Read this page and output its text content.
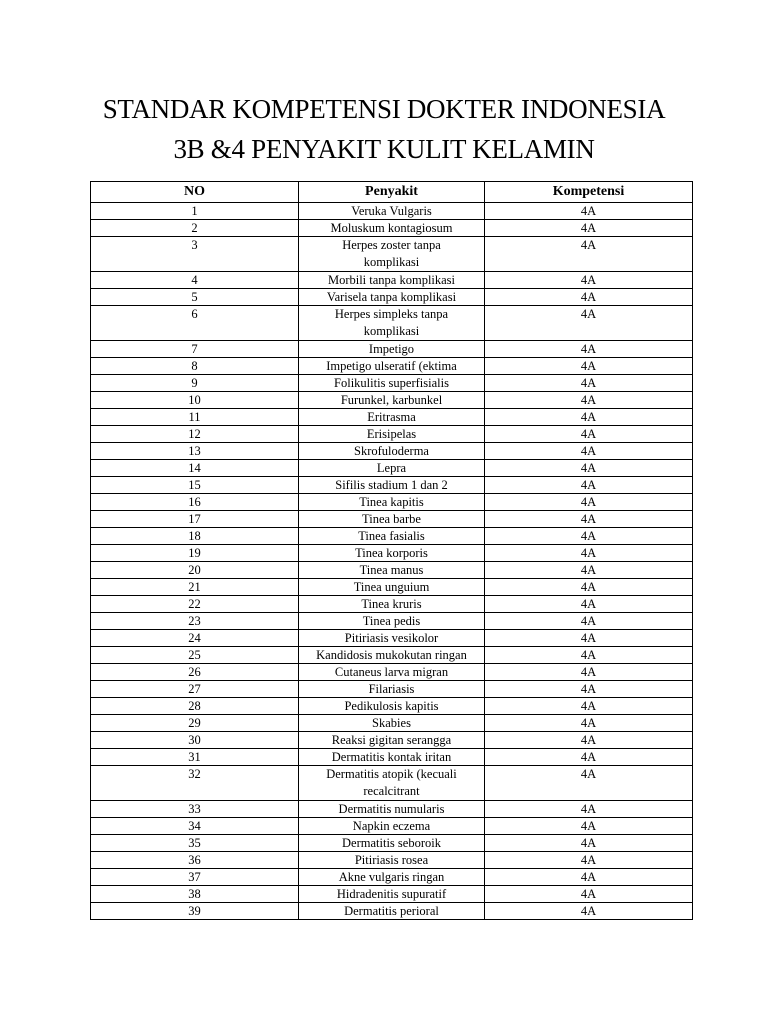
STANDAR KOMPETENSI DOKTER INDONESIA
3B &4 PENYAKIT KULIT KELAMIN
NO	Penyakit	Kompetensi
1	Veruka Vulgaris	4A
2	Moluskum kontagiosum	4A
3	Herpes zoster tanpa komplikasi	4A
4	Morbili tanpa komplikasi	4A
5	Varisela tanpa komplikasi	4A
6	Herpes simpleks tanpa komplikasi	4A
7	Impetigo	4A
8	Impetigo ulseratif (ektima	4A
9	Folikulitis superfisialis	4A
10	Furunkel, karbunkel	4A
11	Eritrasma	4A
12	Erisipelas	4A
13	Skrofuloderma	4A
14	Lepra	4A
15	Sifilis stadium 1 dan 2	4A
16	Tinea kapitis	4A
17	Tinea barbe	4A
18	Tinea fasialis	4A
19	Tinea korporis	4A
20	Tinea manus	4A
21	Tinea unguium	4A
22	Tinea kruris	4A
23	Tinea pedis	4A
24	Pitiriasis vesikolor	4A
25	Kandidosis mukokutan ringan	4A
26	Cutaneus larva migran	4A
27	Filariasis	4A
28	Pedikulosis kapitis	4A
29	Skabies	4A
30	Reaksi gigitan serangga	4A
31	Dermatitis kontak iritan	4A
32	Dermatitis atopik (kecuali recalcitrant	4A
33	Dermatitis numularis	4A
34	Napkin eczema	4A
35	Dermatitis seboroik	4A
36	Pitiriasis rosea	4A
37	Akne vulgaris ringan	4A
38	Hidradenitis supuratif	4A
39	Dermatitis perioral	4A
